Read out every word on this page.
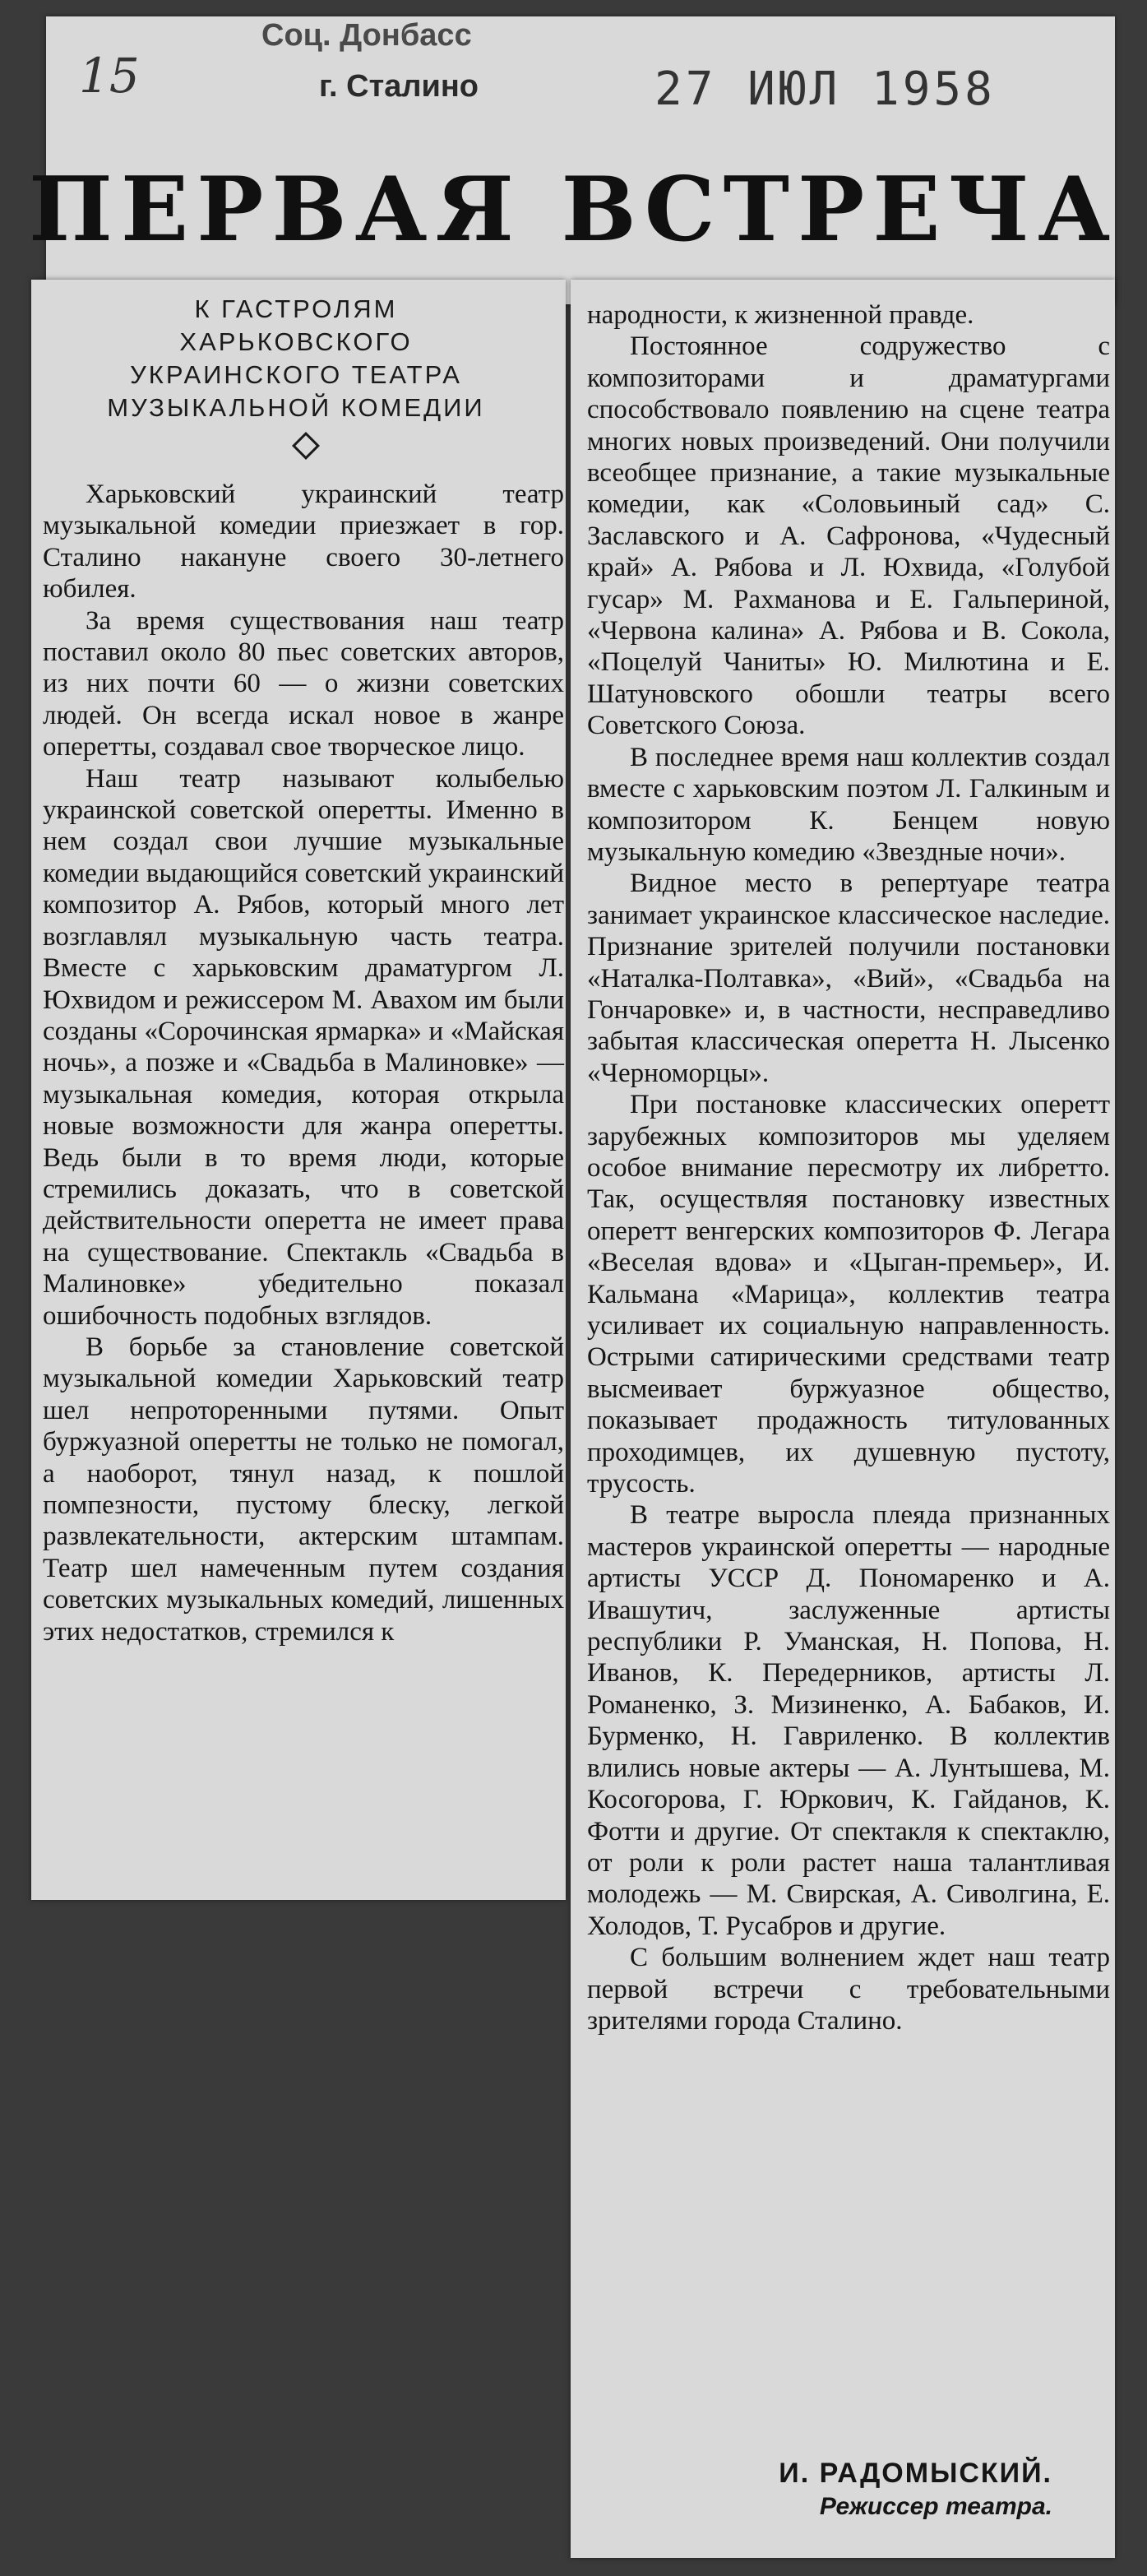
15
Соц. Донбасс
г. Сталино	27 ИЮЛ 1958
ПЕРВАЯ ВСТРЕЧА
К ГАСТРОЛЯМ
ХАРЬКОВСКОГО
УКРАИНСКОГО ТЕАТРА
МУЗЫКАЛЬНОЙ КОМЕДИИ

Харьковский украинский театр музыкальной комедии приезжает в гор. Сталино накануне своего 30-летнего юбилея.

За время существования наш театр поставил около 80 пьес советских авторов, из них почти 60 — о жизни советских людей. Он всегда искал новое в жанре оперетты, создавал свое творческое лицо.

Наш театр называют колыбелью украинской советской оперетты. Именно в нем создал свои лучшие музыкальные комедии выдающийся советский украинский композитор А. Рябов, который много лет возглавлял музыкальную часть театра. Вместе с харьковским драматургом Л. Юхвидом и режиссером М. Авахом им были созданы «Сорочинская ярмарка» и «Майская ночь», а позже и «Свадьба в Малиновке» — музыкальная комедия, которая открыла новые возможности для жанра оперетты. Ведь были в то время люди, которые стремились доказать, что в советской действительности оперетта не имеет права на существование. Спектакль «Свадьба в Малиновке» убедительно показал ошибочность подобных взглядов.

В борьбе за становление советской музыкальной комедии Харьковский театр шел непроторенными путями. Опыт буржуазной оперетты не только не помогал, а наоборот, тянул назад, к пошлой помпезности, пустому блеску, легкой развлекательности, актерским штампам. Театр шел намеченным путем создания советских музыкальных комедий, лишенных этих недостатков, стремился к

народности, к жизненной правде.

Постоянное содружество с композиторами и драматургами способствовало появлению на сцене театра многих новых произведений. Они получили всеобщее признание, а такие музыкальные комедии, как «Соловьиный сад» С. Заславского и А. Сафронова, «Чудесный край» А. Рябова и Л. Юхвида, «Голубой гусар» М. Рахманова и Е. Гальпериной, «Червона калина» А. Рябова и В. Сокола, «Поцелуй Чаниты» Ю. Милютина и Е. Шатуновского обошли театры всего Советского Союза.

В последнее время наш коллектив создал вместе с харьковским поэтом Л. Галкиным и композитором К. Бенцем новую музыкальную комедию «Звездные ночи».

Видное место в репертуаре театра занимает украинское классическое наследие. Признание зрителей получили постановки «Наталка-Полтавка», «Вий», «Свадьба на Гончаровке» и, в частности, несправедливо забытая классическая оперетта Н. Лысенко «Черноморцы».

При постановке классических оперетт зарубежных композиторов мы уделяем особое внимание пересмотру их либретто. Так, осуществляя постановку известных оперетт венгерских композиторов Ф. Легара «Веселая вдова» и «Цыган-премьер», И. Кальмана «Марица», коллектив театра усиливает их социальную направленность. Острыми сатирическими средствами театр высмеивает буржуазное общество, показывает продажность титулованных проходимцев, их душевную пустоту, трусость.

В театре выросла плеяда признанных мастеров украинской оперетты — народные артисты УССР Д. Пономаренко и А. Ивашутич, заслуженные артисты республики Р. Уманская, Н. Попова, Н. Иванов, К. Передерников, артисты Л. Романенко, З. Мизиненко, А. Бабаков, И. Бурменко, Н. Гавриленко. В коллектив влились новые актеры — А. Лунтышева, М. Косогорова, Г. Юркович, К. Гайданов, К. Фотти и другие. От спектакля к спектаклю, от роли к роли растет наша талантливая молодежь — М. Свирская, А. Сиволгина, Е. Холодов, Т. Русабров и другие.

С большим волнением ждет наш театр первой встречи с требовательными зрителями города Сталино.

И. РАДОМЫСКИЙ.
Режиссер театра.
